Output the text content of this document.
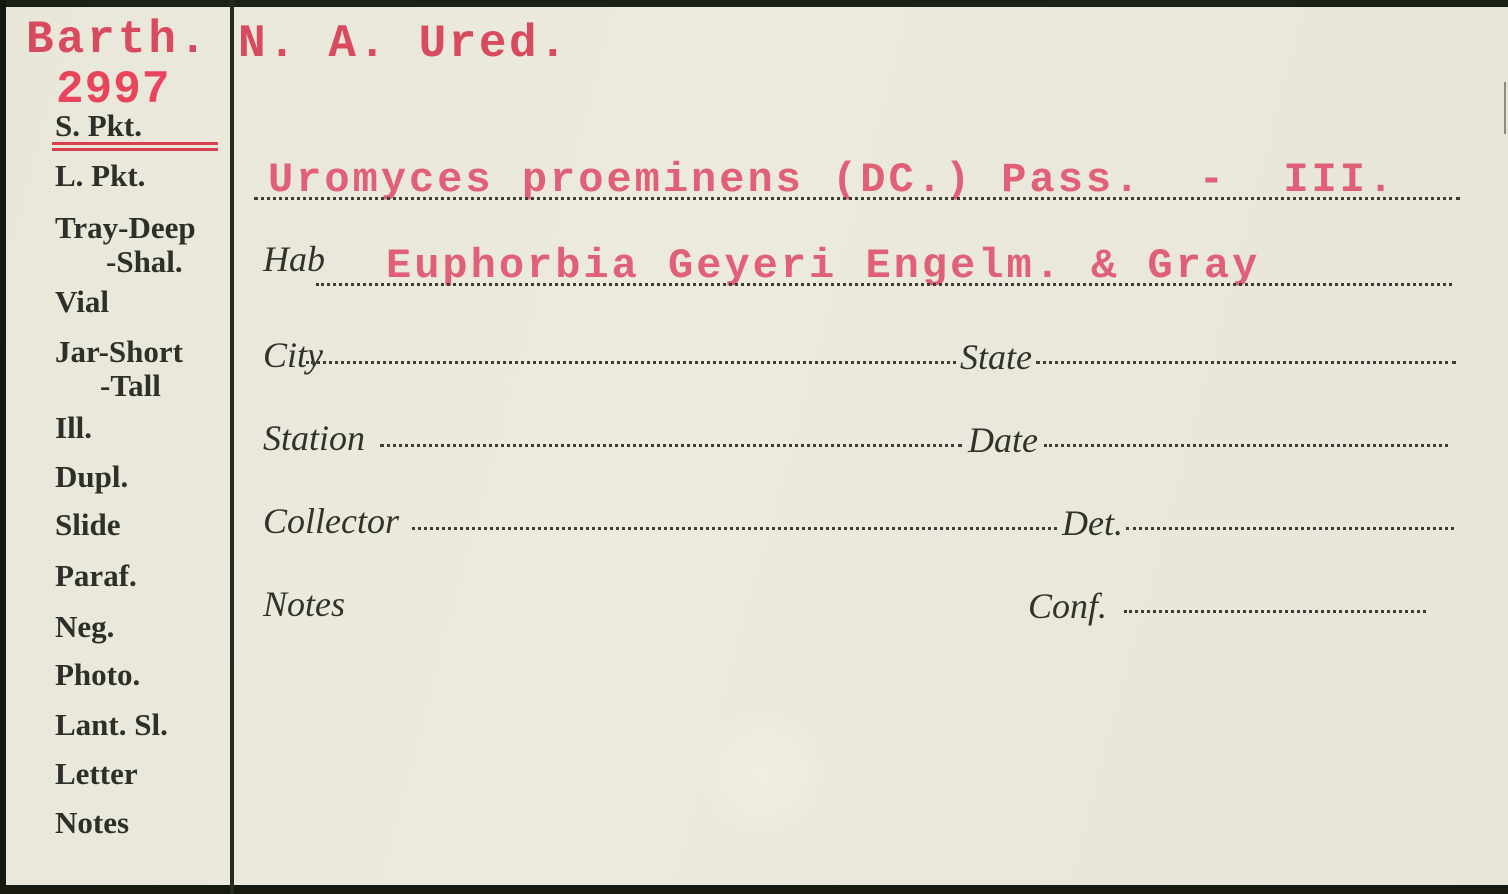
Barth.
2997
N. A. Ured.
S. Pkt.
L. Pkt.
Tray-Deep
-Shal.
Vial
Jar-Short
-Tall
Ill.
Dupl.
Slide
Paraf.
Neg.
Photo.
Lant. Sl.
Letter
Notes
Uromyces proeminens (DC.) Pass.  -  III.
Hab Euphorbia Geyeri Engelm. & Gray
City	State
Station	Date
Collector	Det.
Notes	Conf.
